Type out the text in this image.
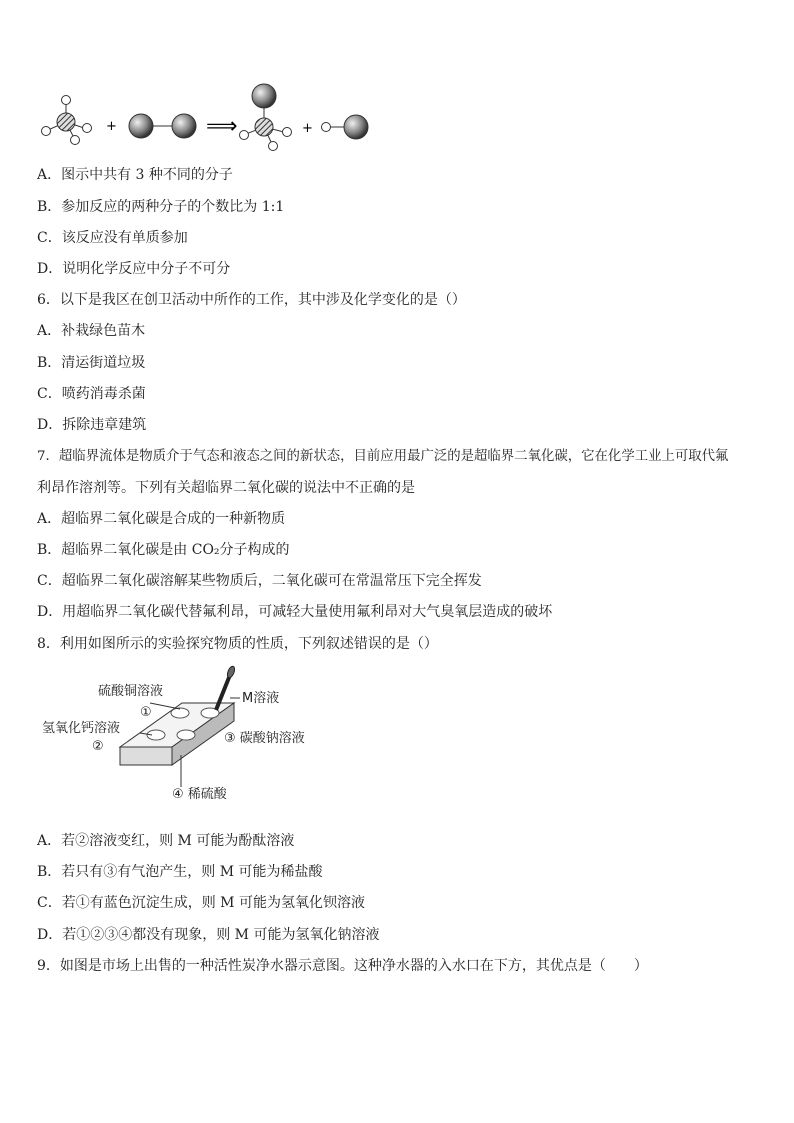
+	⟹	+
A．图示中共有 3 种不同的分子
B．参加反应的两种分子的个数比为 1:1
C．该反应没有单质参加
D．说明化学反应中分子不可分
6．以下是我区在创卫活动中所作的工作，其中涉及化学变化的是（）
A．补栽绿色苗木
B．清运街道垃圾
C．喷药消毒杀菌
D．拆除违章建筑
7．超临界流体是物质介于气态和液态之间的新状态，目前应用最广泛的是超临界二氧化碳，它在化学工业上可取代氟
利昂作溶剂等。下列有关超临界二氧化碳的说法中不正确的是
A．超临界二氧化碳是合成的一种新物质
B．超临界二氧化碳是由 CO₂分子构成的
C．超临界二氧化碳溶解某些物质后，二氧化碳可在常温常压下完全挥发
D．用超临界二氧化碳代替氟利昂，可减轻大量使用氟利昂对大气臭氧层造成的破坏
8．利用如图所示的实验探究物质的性质，下列叙述错误的是（）
硫酸铜溶液
①
氢氧化钙溶液
②
③ 碳酸钠溶液
④ 稀硫酸
M溶液
A．若②溶液变红，则 M 可能为酚酞溶液
B．若只有③有气泡产生，则 M 可能为稀盐酸
C．若①有蓝色沉淀生成，则 M 可能为氢氧化钡溶液
D．若①②③④都没有现象，则 M 可能为氢氧化钠溶液
9．如图是市场上出售的一种活性炭净水器示意图。这种净水器的入水口在下方，其优点是（　　）
